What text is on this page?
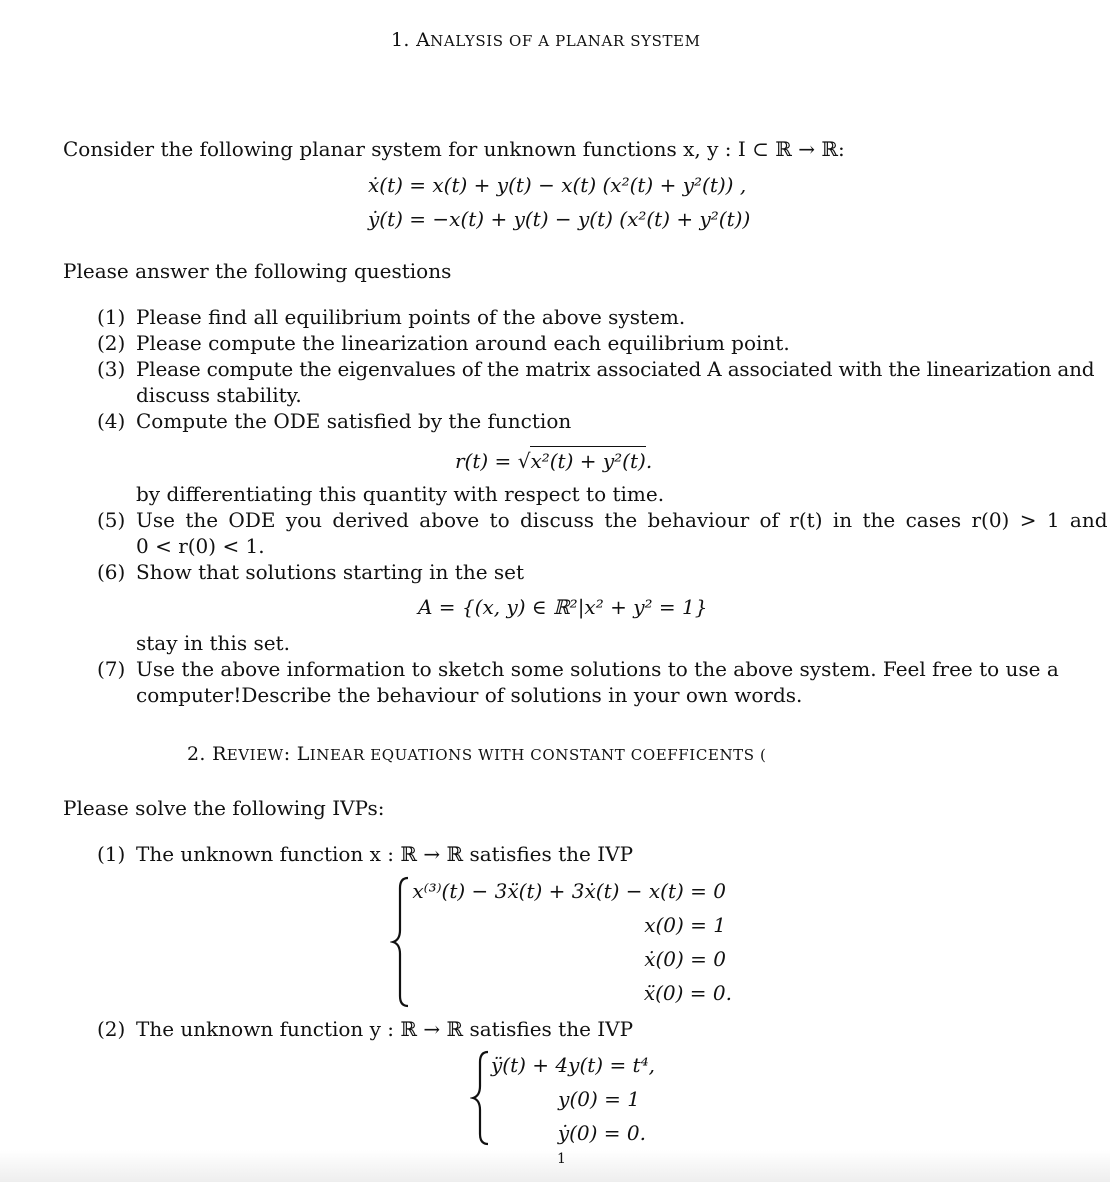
1. ANALYSIS OF A PLANAR SYSTEM
Consider the following planar system for unknown functions x, y : I ⊂ ℝ → ℝ:
ẋ(t) = x(t) + y(t) − x(t) (x²(t) + y²(t)) ,
ẏ(t) = −x(t) + y(t) − y(t) (x²(t) + y²(t))
Please answer the following questions
(1) Please find all equilibrium points of the above system.
(2) Please compute the linearization around each equilibrium point.
(3) Please compute the eigenvalues of the matrix associated A associated with the linearization and
discuss stability.
(4) Compute the ODE satisfied by the function
r(t) = √x²(t) + y²(t).
by differentiating this quantity with respect to time.
(5) Use the ODE you derived above to discuss the behaviour of r(t) in the cases r(0) > 1 and
0 < r(0) < 1.
(6) Show that solutions starting in the set
A = {(x, y) ∈ ℝ²|x² + y² = 1}
stay in this set.
(7) Use the above information to sketch some solutions to the above system. Feel free to use a
computer!Describe the behaviour of solutions in your own words.
2. REVIEW: LINEAR EQUATIONS WITH CONSTANT COEFFICENTS (
Please solve the following IVPs:
(1) The unknown function x : ℝ → ℝ satisfies the IVP
x⁽³⁾(t) − 3ẍ(t) + 3ẋ(t) − x(t) = 0
x(0) = 1
ẋ(0) = 0
ẍ(0) = 0.
(2) The unknown function y : ℝ → ℝ satisfies the IVP
ÿ(t) + 4y(t) = t⁴,
y(0) = 1
ẏ(0) = 0.
1
